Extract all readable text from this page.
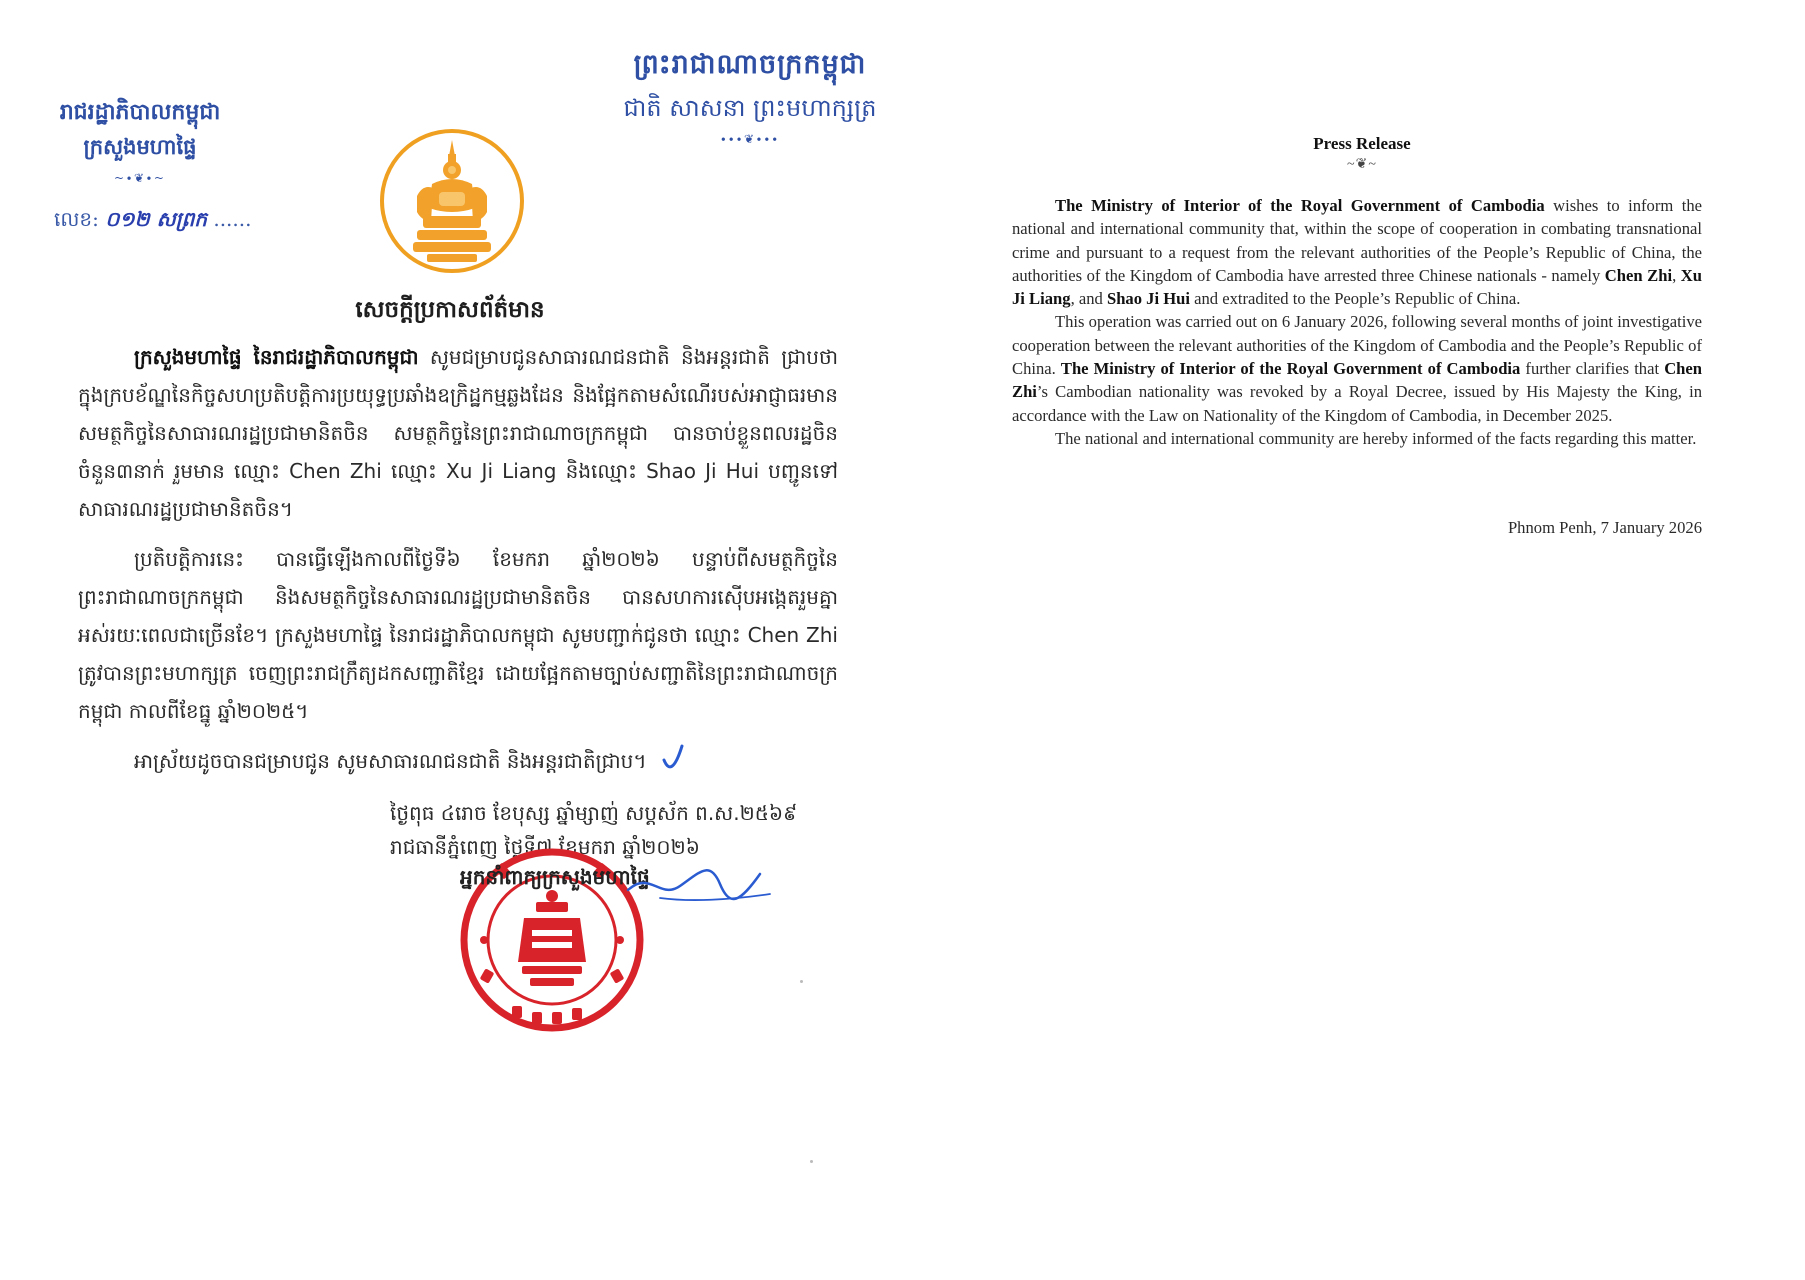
ព្រះរាជាណាចក្រកម្ពុជា
ជាតិ សាសនា ព្រះមហាក្សត្រ
∙∙∙❦∙∙∙
រាជរដ្ឋាភិបាលកម្ពុជា
ក្រសួងមហាផ្ទៃ
~∙❦∙~
លេខ: ០១២ សព្រក ......
សេចក្តីប្រកាសព័ត៌មាន

ក្រសួងមហាផ្ទៃ នៃរាជរដ្ឋាភិបាលកម្ពុជា សូមជម្រាបជូនសាធារណជនជាតិ និងអន្តរជាតិ ជ្រាបថា ក្នុងក្របខ័ណ្ឌនៃកិច្ចសហប្រតិបត្តិការប្រយុទ្ធប្រឆាំងឧក្រិដ្ឋកម្មឆ្លងដែន និងផ្អែកតាមសំណើរបស់អាជ្ញាធរមានសមត្ថកិច្ចនៃសាធារណរដ្ឋប្រជាមានិតចិន សមត្ថកិច្ចនៃព្រះរាជាណាចក្រកម្ពុជា បានចាប់ខ្លួនពលរដ្ឋចិនចំនួន៣នាក់ រួមមាន ឈ្មោះ Chen Zhi ឈ្មោះ Xu Ji Liang និងឈ្មោះ Shao Ji Hui បញ្ជូនទៅសាធារណរដ្ឋប្រជាមានិតចិន។

ប្រតិបត្តិការនេះ បានធ្វើឡើងកាលពីថ្ងៃទី៦ ខែមករា ឆ្នាំ២០២៦ បន្ទាប់ពីសមត្ថកិច្ចនៃព្រះរាជាណាចក្រកម្ពុជា និងសមត្ថកិច្ចនៃសាធារណរដ្ឋប្រជាមានិតចិន បានសហការស៊ើបអង្កេតរួមគ្នាអស់រយៈពេលជាច្រើនខែ។ ក្រសួងមហាផ្ទៃ នៃរាជរដ្ឋាភិបាលកម្ពុជា សូមបញ្ជាក់ជូនថា ឈ្មោះ Chen Zhi ត្រូវបានព្រះមហាក្សត្រ ចេញព្រះរាជក្រឹត្យដកសញ្ជាតិខ្មែរ ដោយផ្អែកតាមច្បាប់សញ្ជាតិនៃព្រះរាជាណាចក្រកម្ពុជា កាលពីខែធ្នូ ឆ្នាំ២០២៥។

អាស្រ័យដូចបានជម្រាបជូន សូមសាធារណជនជាតិ និងអន្តរជាតិជ្រាប។

ថ្ងៃពុធ ៤រោច ខែបុស្ស ឆ្នាំម្សាញ់ សប្តស័ក ព.ស.២៥៦៩
រាជធានីភ្នំពេញ ថ្ងៃទី៧ ខែមករា ឆ្នាំ២០២៦
អ្នកនាំពាក្យក្រសួងមហាផ្ទៃ
Press Release
~❦~

The Ministry of Interior of the Royal Government of Cambodia wishes to inform the national and international community that, within the scope of cooperation in combating transnational crime and pursuant to a request from the relevant authorities of the People’s Republic of China, the authorities of the Kingdom of Cambodia have arrested three Chinese nationals - namely Chen Zhi, Xu Ji Liang, and Shao Ji Hui and extradited to the People’s Republic of China.

This operation was carried out on 6 January 2026, following several months of joint investigative cooperation between the relevant authorities of the Kingdom of Cambodia and the People’s Republic of China. The Ministry of Interior of the Royal Government of Cambodia further clarifies that Chen Zhi’s Cambodian nationality was revoked by a Royal Decree, issued by His Majesty the King, in accordance with the Law on Nationality of the Kingdom of Cambodia, in December 2025.

The national and international community are hereby informed of the facts regarding this matter.

Phnom Penh, 7 January 2026
